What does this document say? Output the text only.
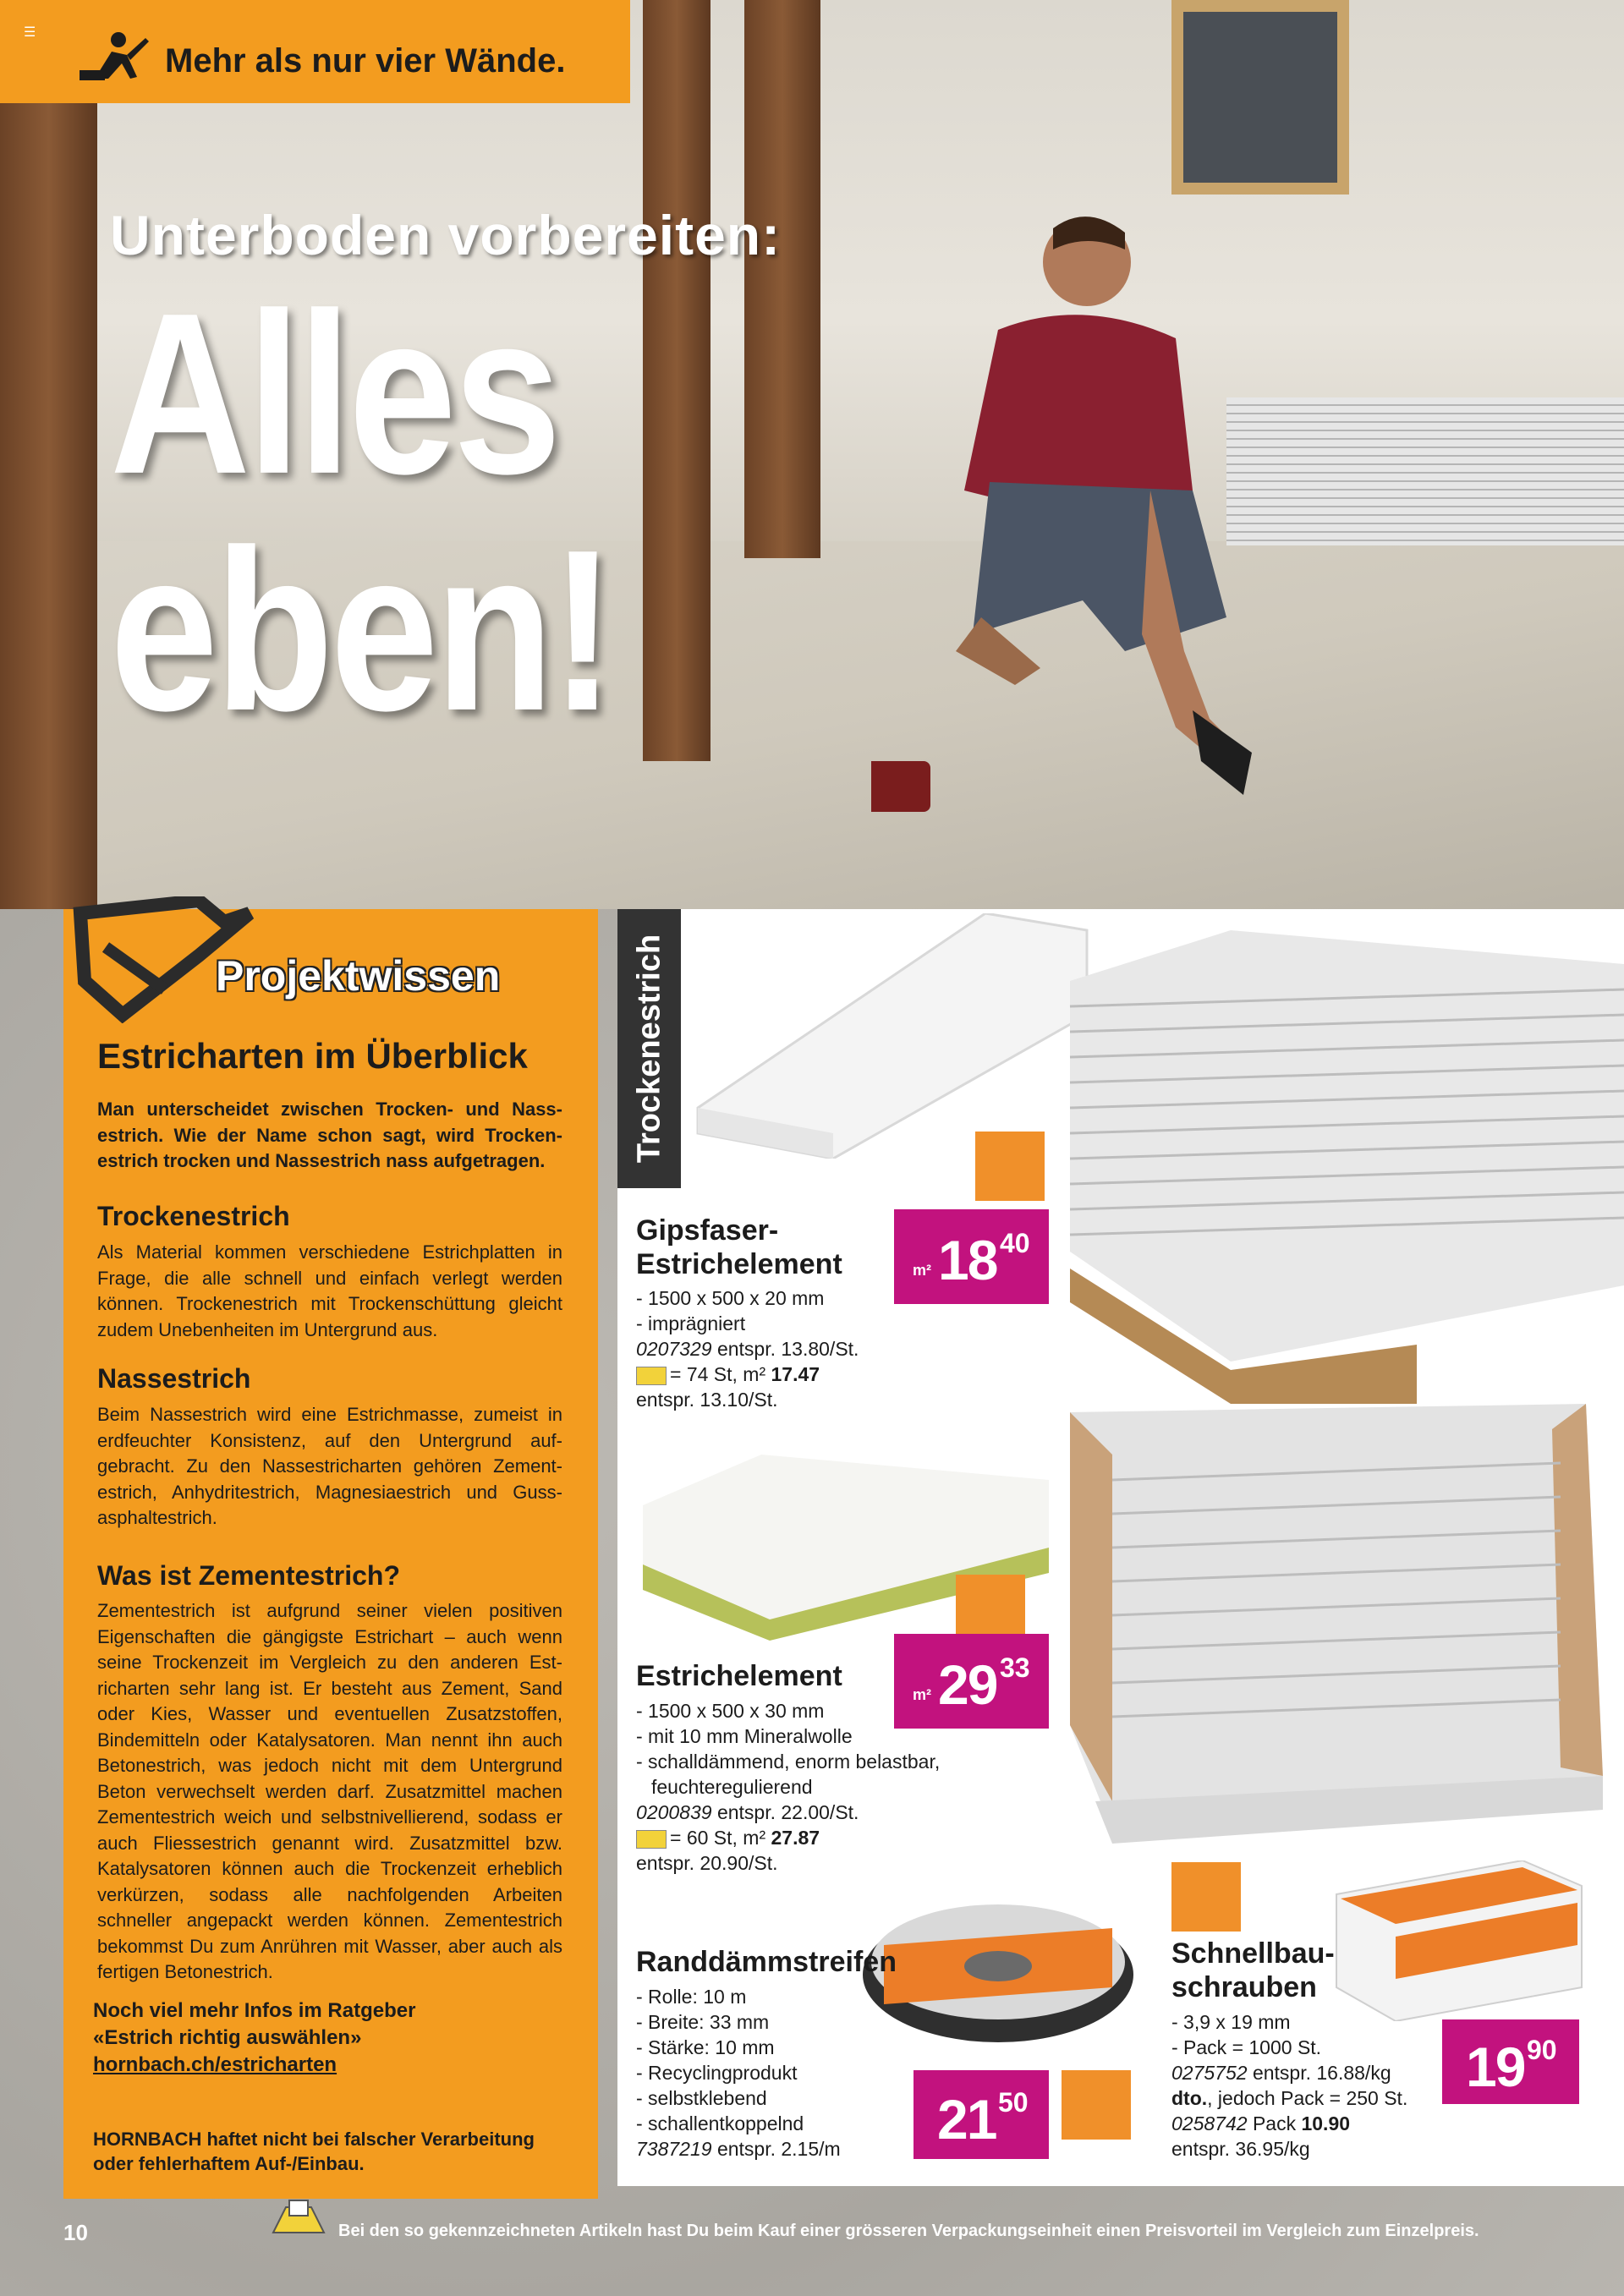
☰
Mehr als nur vier Wände.
Unterboden vorbereiten:
Alles
eben!
Projektwissen
Estricharten im Überblick
Man unterscheidet zwischen Trocken- und Nassestrich. Wie der Name schon sagt, wird Trockenestrich trocken und Nassestrich nass aufgetragen.
Trockenestrich
Als Material kommen verschiedene Estrichplatten in Frage, die alle schnell und einfach verlegt werden können. Trockenestrich mit Trockenschüttung gleicht zudem Unebenheiten im Untergrund aus.
Nassestrich
Beim Nassestrich wird eine Estrichmasse, zumeist in erdfeuchter Konsistenz, auf den Untergrund aufgebracht. Zu den Nassestricharten gehören Zementestrich, Anhydritestrich, Magnesiaestrich und Gussasphaltestrich.
Was ist Zementestrich?
Zementestrich ist aufgrund seiner vielen positiven Eigenschaften die gängigste Estrichart – auch wenn seine Trockenzeit im Vergleich zu den anderen Estricharten sehr lang ist. Er besteht aus Zement, Sand oder Kies, Wasser und eventuellen Zusatzstoffen, Bindemitteln oder Katalysatoren. Man nennt ihn auch Betonestrich, was jedoch nicht mit dem Untergrund Beton verwechselt werden darf. Zusatzmittel machen Zementestrich weich und selbstnivellierend, sodass er auch Fliessestrich genannt wird. Zusatzmittel bzw. Katalysatoren können auch die Trockenzeit erheblich verkürzen, sodass alle nachfolgenden Arbeiten schneller angepackt werden können. Zementestrich bekommst Du zum Anrühren mit Wasser, aber auch als fertigen Betonestrich.
Noch viel mehr Infos im Ratgeber
«Estrich richtig auswählen»
hornbach.ch/estricharten
HORNBACH haftet nicht bei falscher Verarbeitung
oder fehlerhaftem Auf-/Einbau.
Trockenestrich
m² 18 40
Gipsfaser-
Estrichelement
- 1500 x 500 x 20 mm
- imprägniert
0207329 entspr. 13.80/St.
= 74 St, m² 17.47
entspr. 13.10/St.
m² 29 33
Estrichelement
- 1500 x 500 x 30 mm
- mit 10 mm Mineralwolle
- schalldämmend, enorm belastbar,
feuchteregulierend
0200839 entspr. 22.00/St.
= 60 St, m² 27.87
entspr. 20.90/St.
21 50
Randdämmstreifen
- Rolle: 10 m
- Breite: 33 mm
- Stärke: 10 mm
- Recyclingprodukt
- selbstklebend
- schallentkoppelnd
7387219 entspr. 2.15/m
19 90
Schnellbau-
schrauben
- 3,9 x 19 mm
- Pack = 1000 St.
0275752 entspr. 16.88/kg
dto., jedoch Pack = 250 St.
0258742 Pack 10.90
entspr. 36.95/kg
10	Bei den so gekennzeichneten Artikeln hast Du beim Kauf einer grösseren Verpackungseinheit einen Preisvorteil im Vergleich zum Einzelpreis.
